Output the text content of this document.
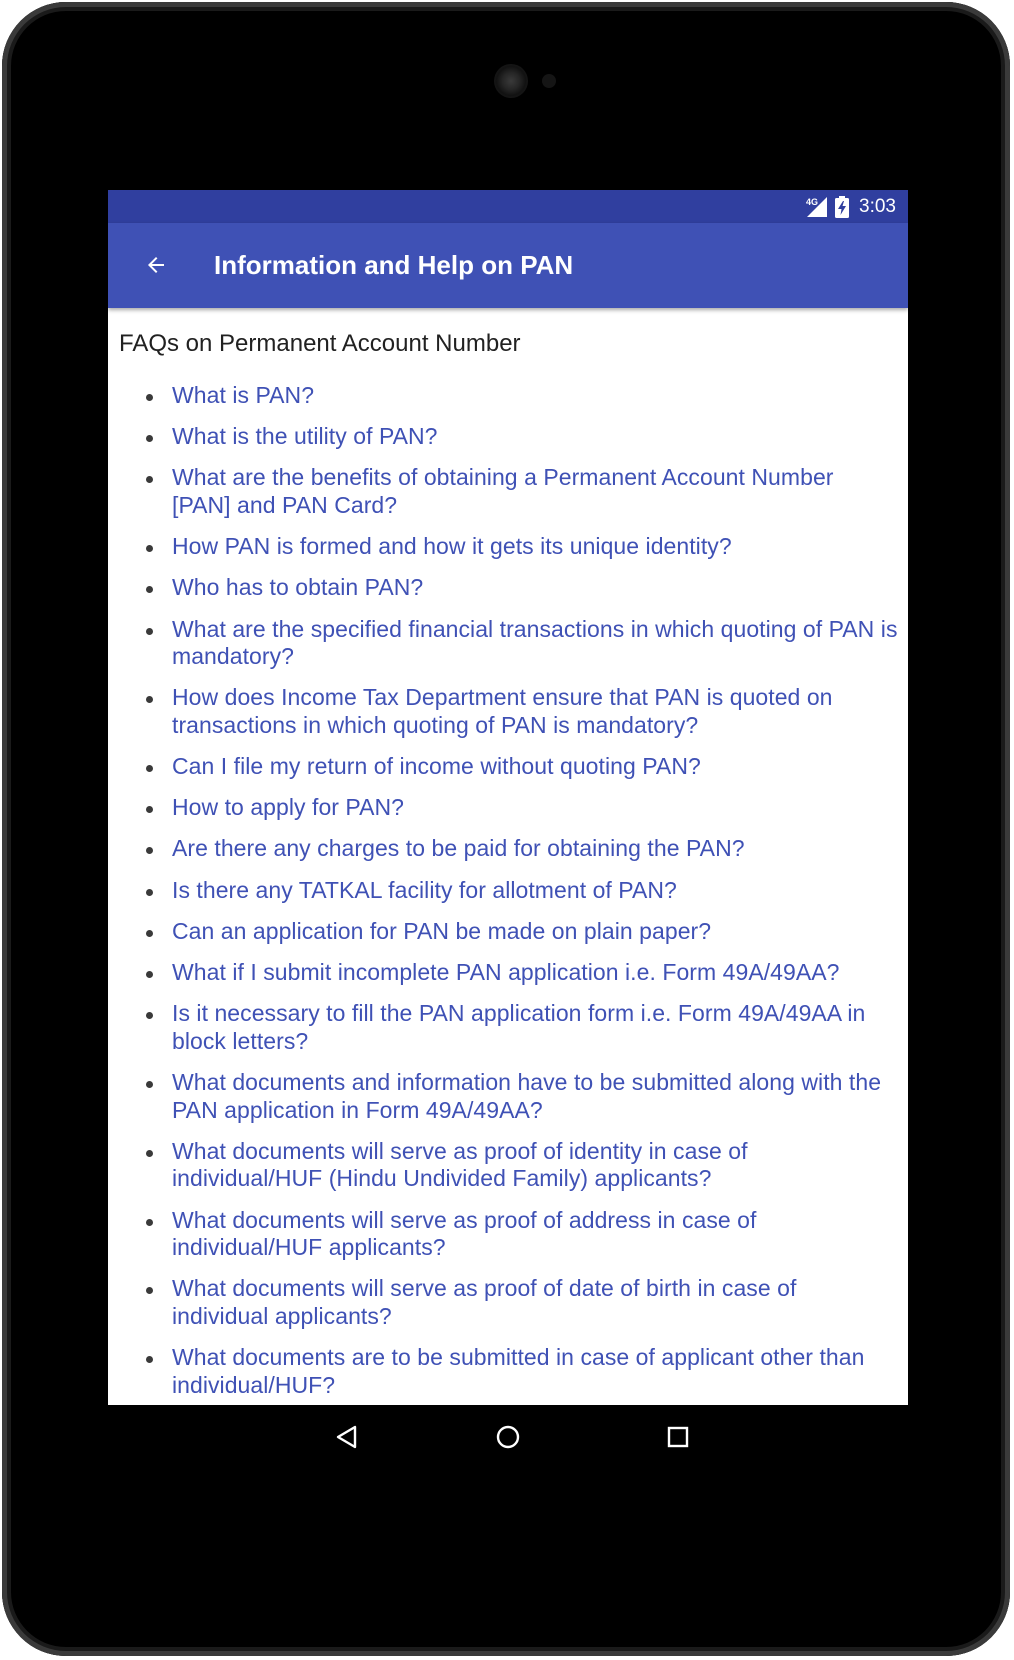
4G 3:03
Information and Help on PAN
FAQs on Permanent Account Number
What is PAN?
What is the utility of PAN?
What are the benefits of obtaining a Permanent Account Number [PAN] and PAN Card?
How PAN is formed and how it gets its unique identity?
Who has to obtain PAN?
What are the specified financial transactions in which quoting of PAN is mandatory?
How does Income Tax Department ensure that PAN is quoted on transactions in which quoting of PAN is mandatory?
Can I file my return of income without quoting PAN?
How to apply for PAN?
Are there any charges to be paid for obtaining the PAN?
Is there any TATKAL facility for allotment of PAN?
Can an application for PAN be made on plain paper?
What if I submit incomplete PAN application i.e. Form 49A/49AA?
Is it necessary to fill the PAN application form i.e. Form 49A/49AA in block letters?
What documents and information have to be submitted along with the PAN application in Form 49A/49AA?
What documents will serve as proof of identity in case of individual/HUF (Hindu Undivided Family) applicants?
What documents will serve as proof of address in case of individual/HUF applicants?
What documents will serve as proof of date of birth in case of individual applicants?
What documents are to be submitted in case of applicant other than individual/HUF?
